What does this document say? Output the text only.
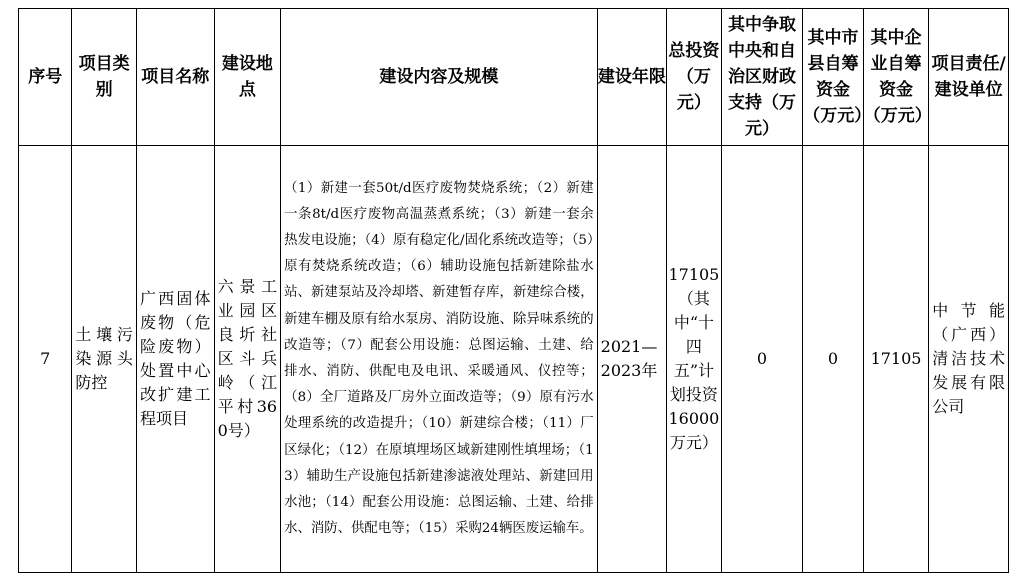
序号	项目类别	项目名称	建设地点	建设内容及规模	建设年限	总投资（万元）	其中争取中央和自治区财政支持（万元）	其中市县自筹资金（万元）	其中企业自筹资金（万元）	项目责任/建设单位

7	土壤污染源头防控	广西固体废物（危险废物）处置中心改扩建工程项目	六景工业园区良圻社区斗兵岭（江平村360号）	（1）新建一套50t/d医疗废物焚烧系统；（2）新建一条8t/d医疗废物高温蒸煮系统；（3）新建一套余热发电设施；（4）原有稳定化/固化系统改造等；（5）原有焚烧系统改造；（6）辅助设施包括新建除盐水站、新建泵站及冷却塔、新建暂存库，新建综合楼，新建车棚及原有给水泵房、消防设施、除异味系统的改造等；（7）配套公用设施：总图运输、土建、给排水、消防、供配电及电讯、采暖通风、仪控等；（8）全厂道路及厂房外立面改造等；（9）原有污水处理系统的改造提升；（10）新建综合楼；（11）厂区绿化；（12）在原填埋场区域新建刚性填埋场；（13）辅助生产设施包括新建渗滤液处理站、新建回用水池；（14）配套公用设施：总图运输、土建、给排水、消防、供配电等；（15）采购24辆医废运输车。	2021—2023年	17105（其中“十四五”计划投资16000万元）	0	0	17105	中节能（广西）清洁技术发展有限公司
